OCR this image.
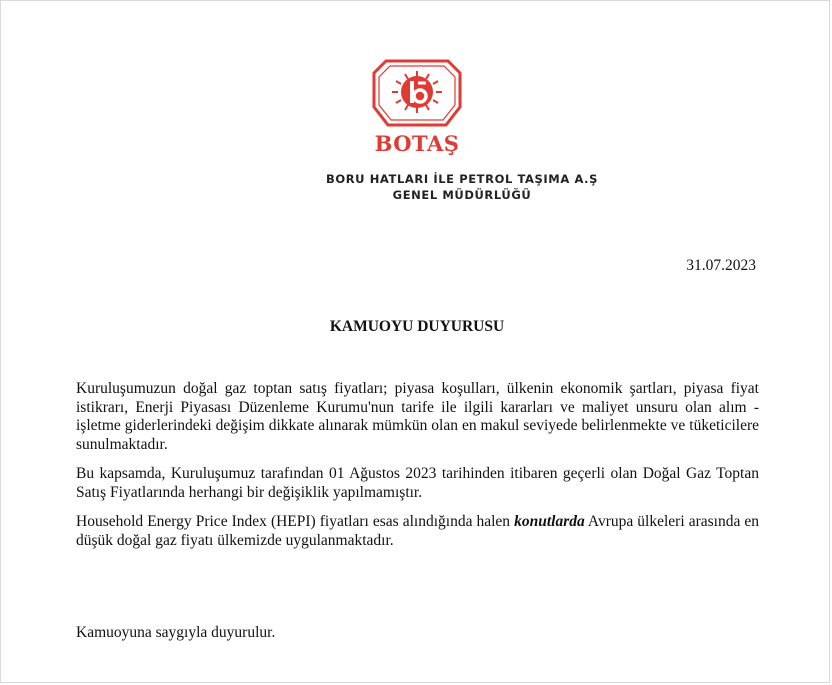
BOTAŞ
BORU HATLARI İLE PETROL TAŞIMA A.Ş
GENEL MÜDÜRLÜĞÜ
31.07.2023
KAMUOYU DUYURUSU

Kuruluşumuzun doğal gaz toptan satış fiyatları; piyasa koşulları, ülkenin ekonomik şartları, piyasa fiyat istikrarı, Enerji Piyasası Düzenleme Kurumu'nun tarife ile ilgili kararları ve maliyet unsuru olan alım - işletme giderlerindeki değişim dikkate alınarak mümkün olan en makul seviyede belirlenmekte ve tüketicilere sunulmaktadır.

Bu kapsamda, Kuruluşumuz tarafından 01 Ağustos 2023 tarihinden itibaren geçerli olan Doğal Gaz Toptan Satış Fiyatlarında herhangi bir değişiklik yapılmamıştır.

Household Energy Price Index (HEPI) fiyatları esas alındığında halen konutlarda Avrupa ülkeleri arasında en düşük doğal gaz fiyatı ülkemizde uygulanmaktadır.

Kamuoyuna saygıyla duyurulur.
